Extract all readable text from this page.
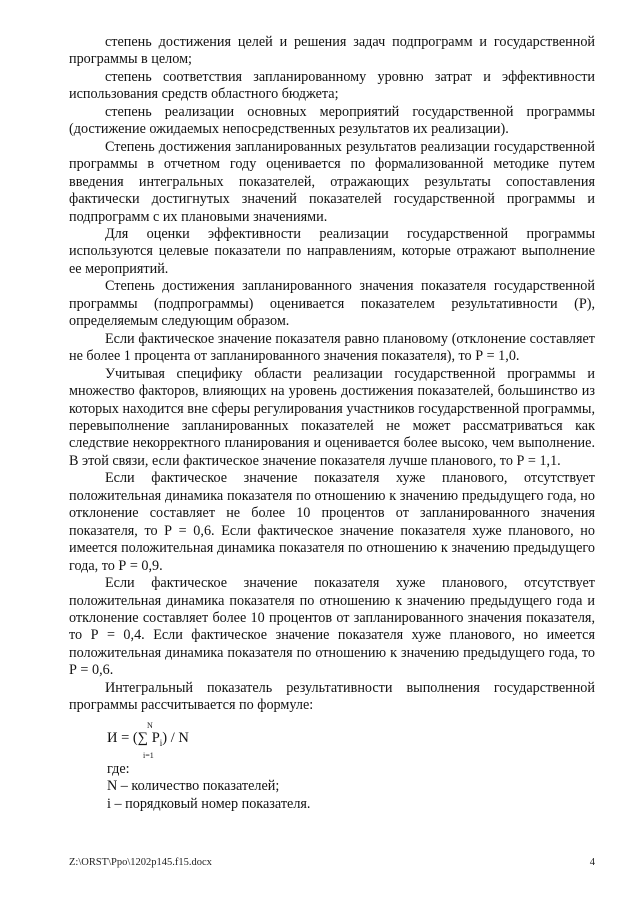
степень достижения целей и решения задач подпрограмм и государственной программы в целом;

степень соответствия запланированному уровню затрат и эффективности использования средств областного бюджета;

степень реализации основных мероприятий государственной программы (достижение ожидаемых непосредственных результатов их реализации).

Степень достижения запланированных результатов реализации государственной программы в отчетном году оценивается по формализованной методике путем введения интегральных показателей, отражающих результаты сопоставления фактически достигнутых значений показателей государственной программы и подпрограмм с их плановыми значениями.

Для оценки эффективности реализации государственной программы используются целевые показатели по направлениям, которые отражают выполнение ее мероприятий.

Степень достижения запланированного значения показателя государственной программы (подпрограммы) оценивается показателем результативности (Р), определяемым следующим образом.

Если фактическое значение показателя равно плановому (отклонение составляет не более 1 процента от запланированного значения показателя), то Р = 1,0.

Учитывая специфику области реализации государственной программы и множество факторов, влияющих на уровень достижения показателей, большинство из которых находится вне сферы регулирования участников государственной программы, перевыполнение запланированных показателей не может рассматриваться как следствие некорректного планирования и оценивается более высоко, чем выполнение. В этой связи, если фактическое значение показателя лучше планового, то Р = 1,1.

Если фактическое значение показателя хуже планового, отсутствует положительная динамика показателя по отношению к значению предыдущего года, но отклонение составляет не более 10 процентов от запланированного значения показателя, то Р = 0,6. Если фактическое значение показателя хуже планового, но имеется положительная динамика показателя по отношению к значению предыдущего года, то Р = 0,9.

Если фактическое значение показателя хуже планового, отсутствует положительная динамика показателя по отношению к значению предыдущего года и отклонение составляет более 10 процентов от запланированного значения показателя, то Р = 0,4. Если фактическое значение показателя хуже планового, но имеется положительная динамика показателя по отношению к значению предыдущего года, то Р = 0,6.

Интегральный показатель результативности выполнения государственной программы рассчитывается по формуле:

N
И = (∑ $P_i$) / N
i=1

где:

N – количество показателей;

i – порядковый номер показателя.

Z:\ORST\Ppo\1202p145.f15.docx	4
